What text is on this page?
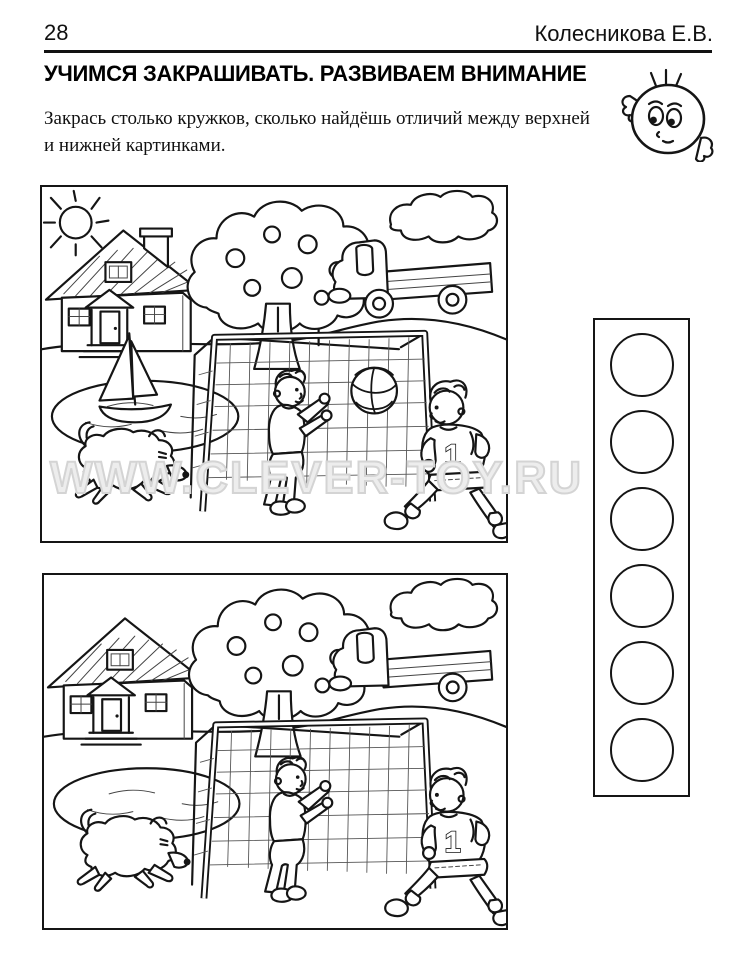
28	Колесникова Е.В.
УЧИМСЯ ЗАКРАШИВАТЬ. РАЗВИВАЕМ ВНИМАНИЕ
Закрась столько кружков, сколько найдёшь отличий между верхней
и нижней картинками.
WWW.CLEVER-TOY.RU
